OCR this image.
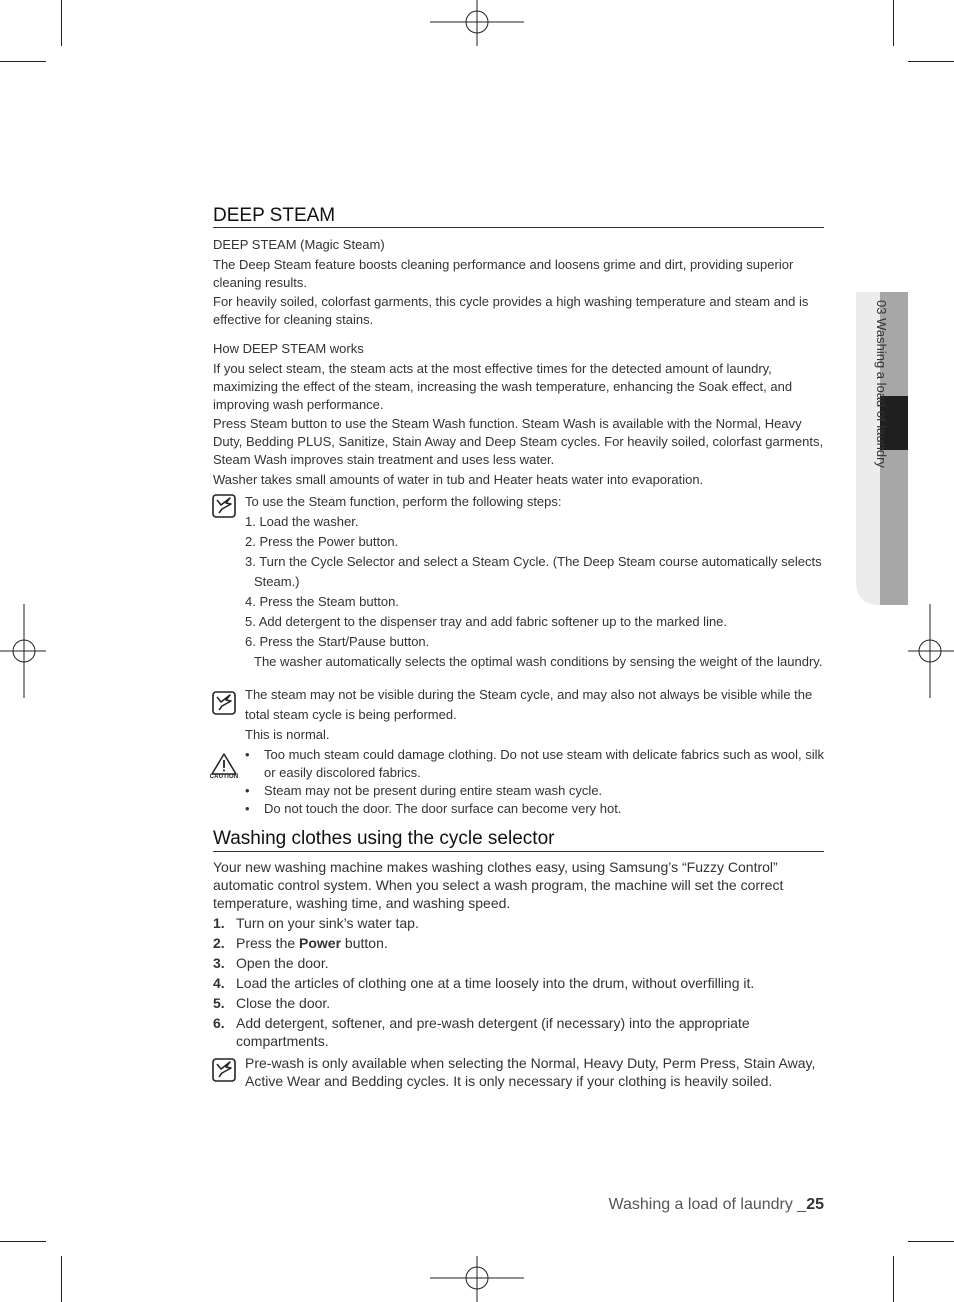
03 Washing a load of laundry
DEEP STEAM
DEEP STEAM (Magic Steam)
The Deep Steam feature boosts cleaning performance and loosens grime and dirt, providing superior cleaning results.
For heavily soiled, colorfast garments, this cycle provides a high washing temperature and steam and is effective for cleaning stains.
How DEEP STEAM works
If you select steam, the steam acts at the most effective times for the detected amount of laundry, maximizing the effect of the steam, increasing the wash temperature, enhancing the Soak effect, and improving wash performance.
Press Steam button to use the Steam Wash function. Steam Wash is available with the Normal, Heavy Duty, Bedding PLUS, Sanitize, Stain Away and Deep Steam cycles. For heavily soiled, colorfast garments, Steam Wash improves stain treatment and uses less water.
Washer takes small amounts of water in tub and Heater heats water into evaporation.
To use the Steam function, perform the following steps:
1. Load the washer.
2. Press the Power button.
3. Turn the Cycle Selector and select a Steam Cycle. (The Deep Steam course automatically selects
Steam.)
4. Press the Steam button.
5. Add detergent to the dispenser tray and add fabric softener up to the marked line.
6. Press the Start/Pause button.
The washer automatically selects the optimal wash conditions by sensing the weight of the laundry.
The steam may not be visible during the Steam cycle, and may also not always be visible while the
total steam cycle is being performed.
This is normal.
CAUTION
• Too much steam could damage clothing. Do not use steam with delicate fabrics such as wool, silk or easily discolored fabrics.
• Steam may not be present during entire steam wash cycle.
• Do not touch the door. The door surface can become very hot.
Washing clothes using the cycle selector
Your new washing machine makes washing clothes easy, using Samsung’s “Fuzzy Control” automatic control system. When you select a wash program, the machine will set the correct temperature, washing time, and washing speed.
1. Turn on your sink’s water tap.
2. Press the Power button.
3. Open the door.
4. Load the articles of clothing one at a time loosely into the drum, without overfilling it.
5. Close the door.
6. Add detergent, softener, and pre-wash detergent (if necessary) into the appropriate compartments.
Pre-wash is only available when selecting the Normal, Heavy Duty, Perm Press, Stain Away, Active Wear and Bedding cycles. It is only necessary if your clothing is heavily soiled.
Washing a load of laundry _25
